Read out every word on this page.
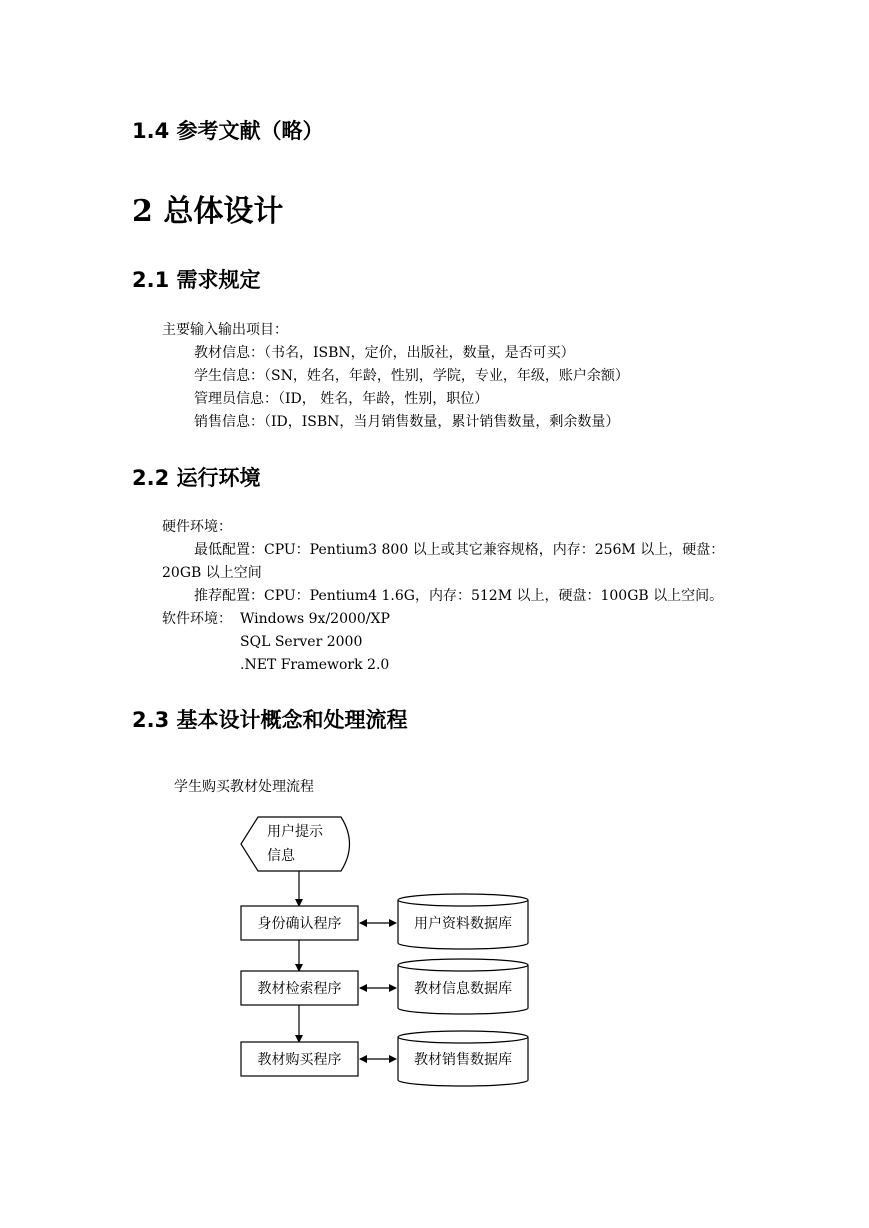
1.4 参考文献（略）
2 总体设计
2.1 需求规定
主要输入输出项目：
教材信息：（书名，ISBN，定价，出版社，数量，是否可买）
学生信息：（SN，姓名，年龄，性别，学院，专业，年级，账户余额）
管理员信息：（ID， 姓名，年龄，性别，职位）
销售信息：（ID，ISBN，当月销售数量，累计销售数量，剩余数量）
2.2 运行环境
硬件环境：
最低配置：CPU：Pentium3 800 以上或其它兼容规格，内存：256M 以上，硬盘：
20GB 以上空间
推荐配置：CPU：Pentium4 1.6G，内存：512M 以上，硬盘：100GB 以上空间。
软件环境： Windows 9x/2000/XP
SQL Server 2000
.NET Framework 2.0
2.3 基本设计概念和处理流程
学生购买教材处理流程
用户提示
信息
身份确认程序
教材检索程序
教材购买程序
用户资料数据库
教材信息数据库
教材销售数据库
